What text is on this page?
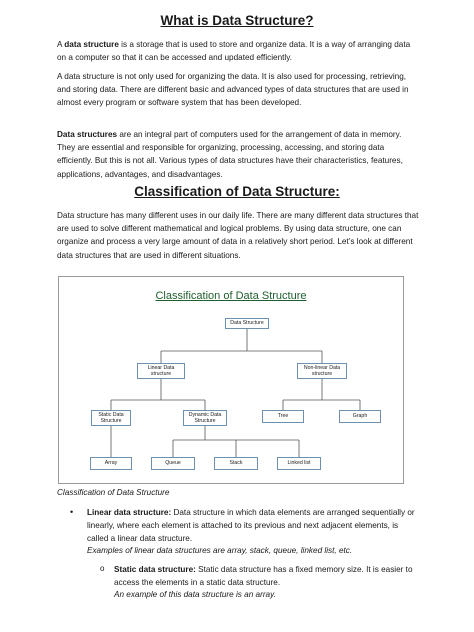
What is Data Structure?

A data structure is a storage that is used to store and organize data. It is a way of arranging data on a computer so that it can be accessed and updated efficiently.

A data structure is not only used for organizing the data. It is also used for processing, retrieving, and storing data. There are different basic and advanced types of data structures that are used in almost every program or software system that has been developed.

Data structures are an integral part of computers used for the arrangement of data in memory. They are essential and responsible for organizing, processing, accessing, and storing data efficiently. But this is not all. Various types of data structures have their characteristics, features, applications, advantages, and disadvantages.

Classification of Data Structure:

Data structure has many different uses in our daily life. There are many different data structures that are used to solve different mathematical and logical problems. By using data structure, one can organize and process a very large amount of data in a relatively short period. Let’s look at different data structures that are used in different situations.

Classification of Data Structure
Data Structure
Linear Data structure
Non-linear Data structure
Static Data Structure
Dynamic Data Structure
Tree	Graph
Array	Queue	Stack	Linked list
Classification of Data Structure
• Linear data structure: Data structure in which data elements are arranged sequentially or linearly, where each element is attached to its previous and next adjacent elements, is called a linear data structure.
Examples of linear data structures are array, stack, queue, linked list, etc.
o Static data structure: Static data structure has a fixed memory size. It is easier to access the elements in a static data structure.
An example of this data structure is an array.
